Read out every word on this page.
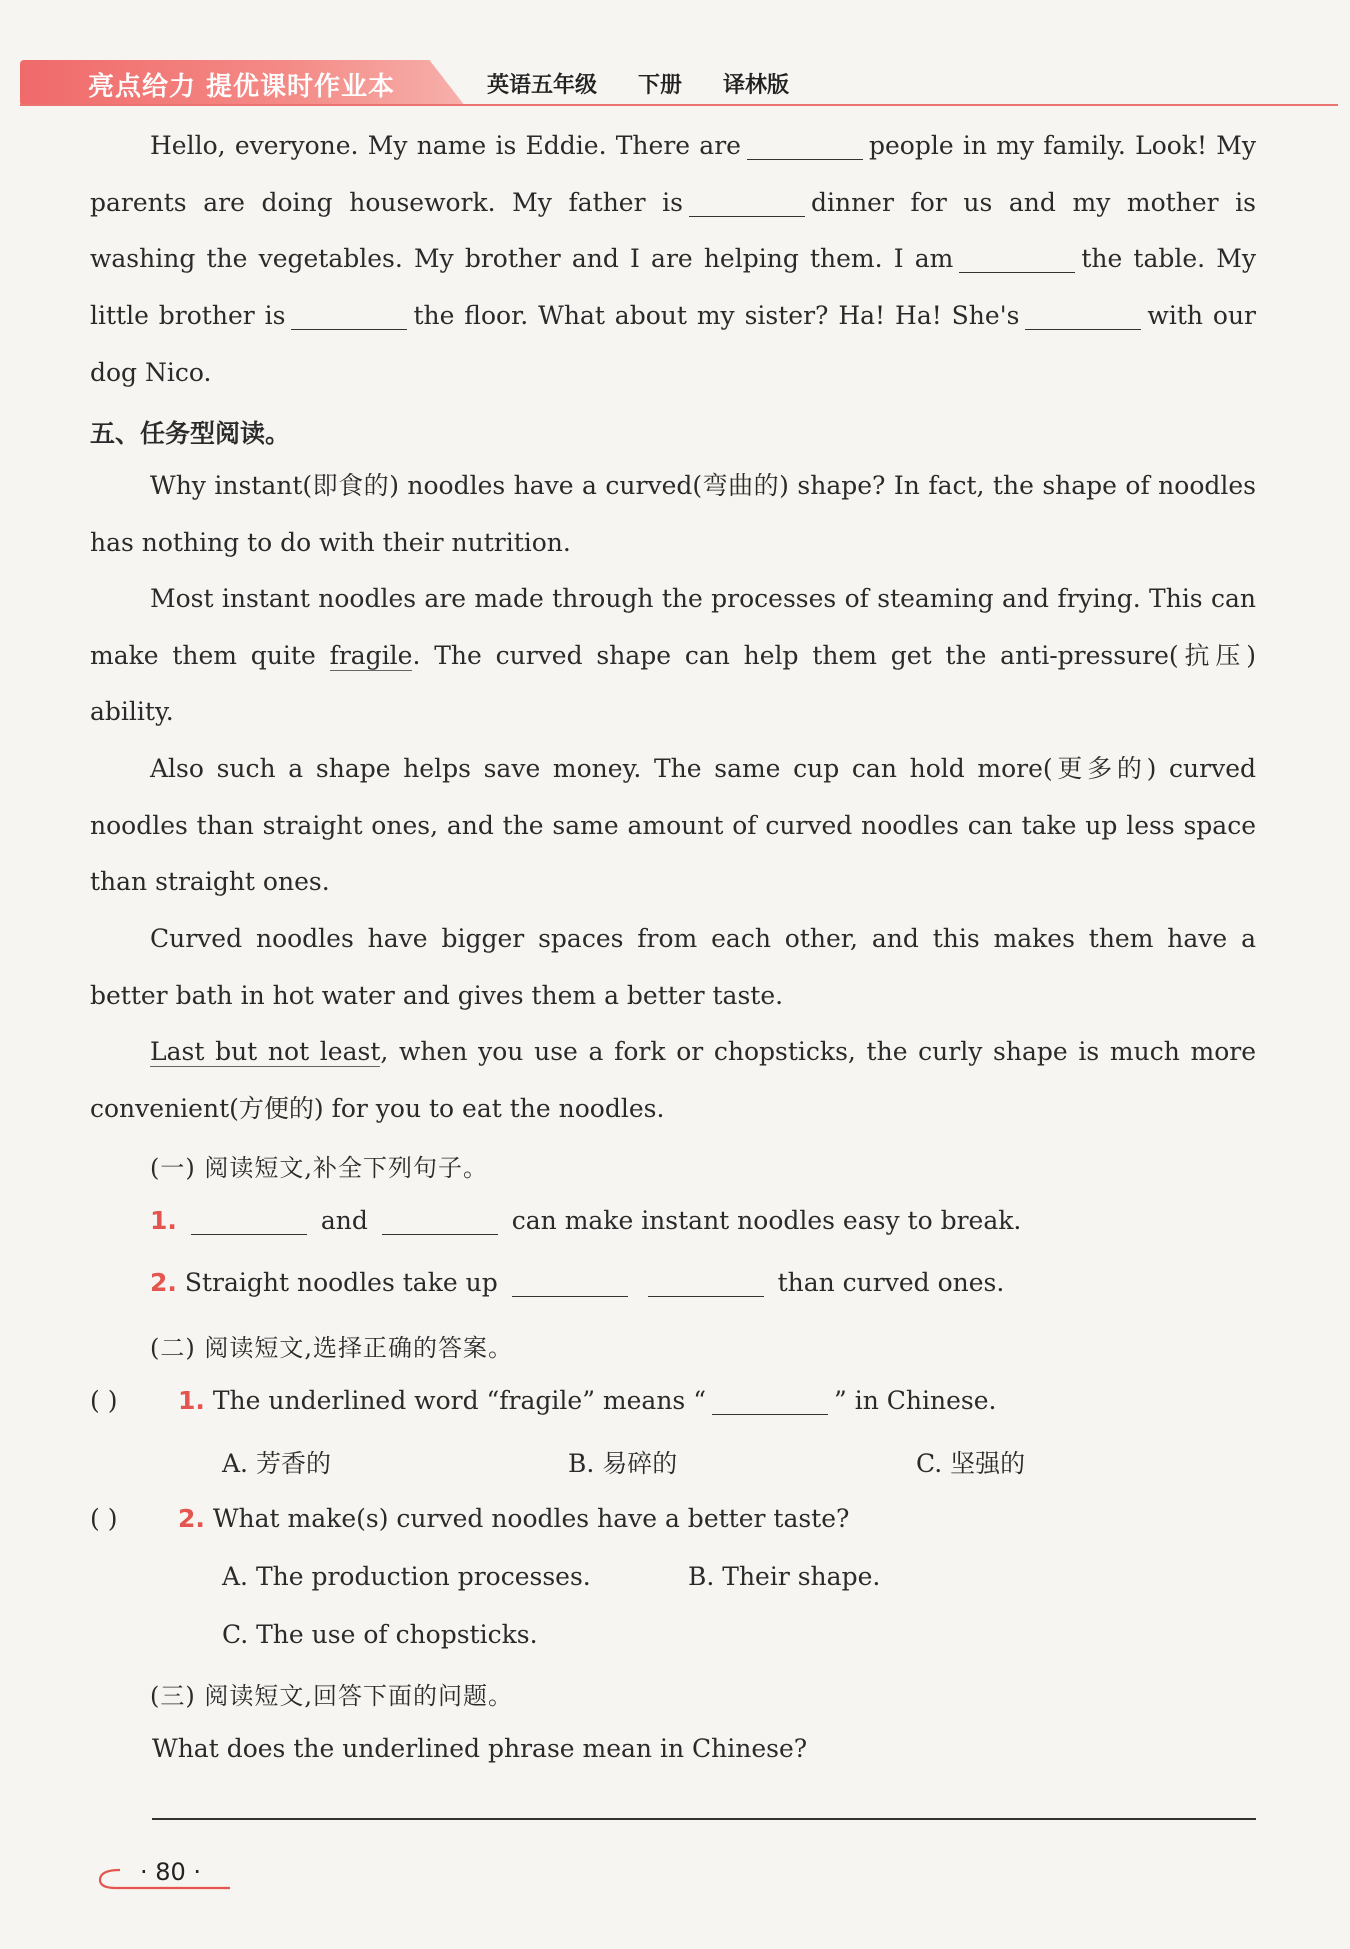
亮点给力 提优课时作业本	英语五年级   下册   译林版
Hello, everyone. My name is Eddie. There are	people in my family. Look! My parents are doing housework. My father is	dinner for us and my mother is washing the vegetables. My brother and I are helping them. I am	the table. My little brother is	the floor. What about my sister? Ha! Ha! She's	with our dog Nico.
五、任务型阅读。
Why instant(即食的) noodles have a curved(弯曲的) shape? In fact, the shape of noodles has nothing to do with their nutrition.
Most instant noodles are made through the processes of steaming and frying. This can make them quite fragile. The curved shape can help them get the anti-pressure(抗压) ability.
Also such a shape helps save money. The same cup can hold more(更多的) curved noodles than straight ones, and the same amount of curved noodles can take up less space than straight ones.
Curved noodles have bigger spaces from each other, and this makes them have a better bath in hot water and gives them a better taste.
Last but not least, when you use a fork or chopsticks, the curly shape is much more convenient(方便的) for you to eat the noodles.
(一) 阅读短文,补全下列句子。
1.	and	can make instant noodles easy to break.
2. Straight noodles take up	than curved ones.
(二) 阅读短文,选择正确的答案。
( ) 1. The underlined word “fragile” means “	” in Chinese.
A. 芳香的	B. 易碎的	C. 坚强的
( ) 2. What make(s) curved noodles have a better taste?
A. The production processes.	B. Their shape.
C. The use of chopsticks.
(三) 阅读短文,回答下面的问题。
What does the underlined phrase mean in Chinese?
· 80 ·
